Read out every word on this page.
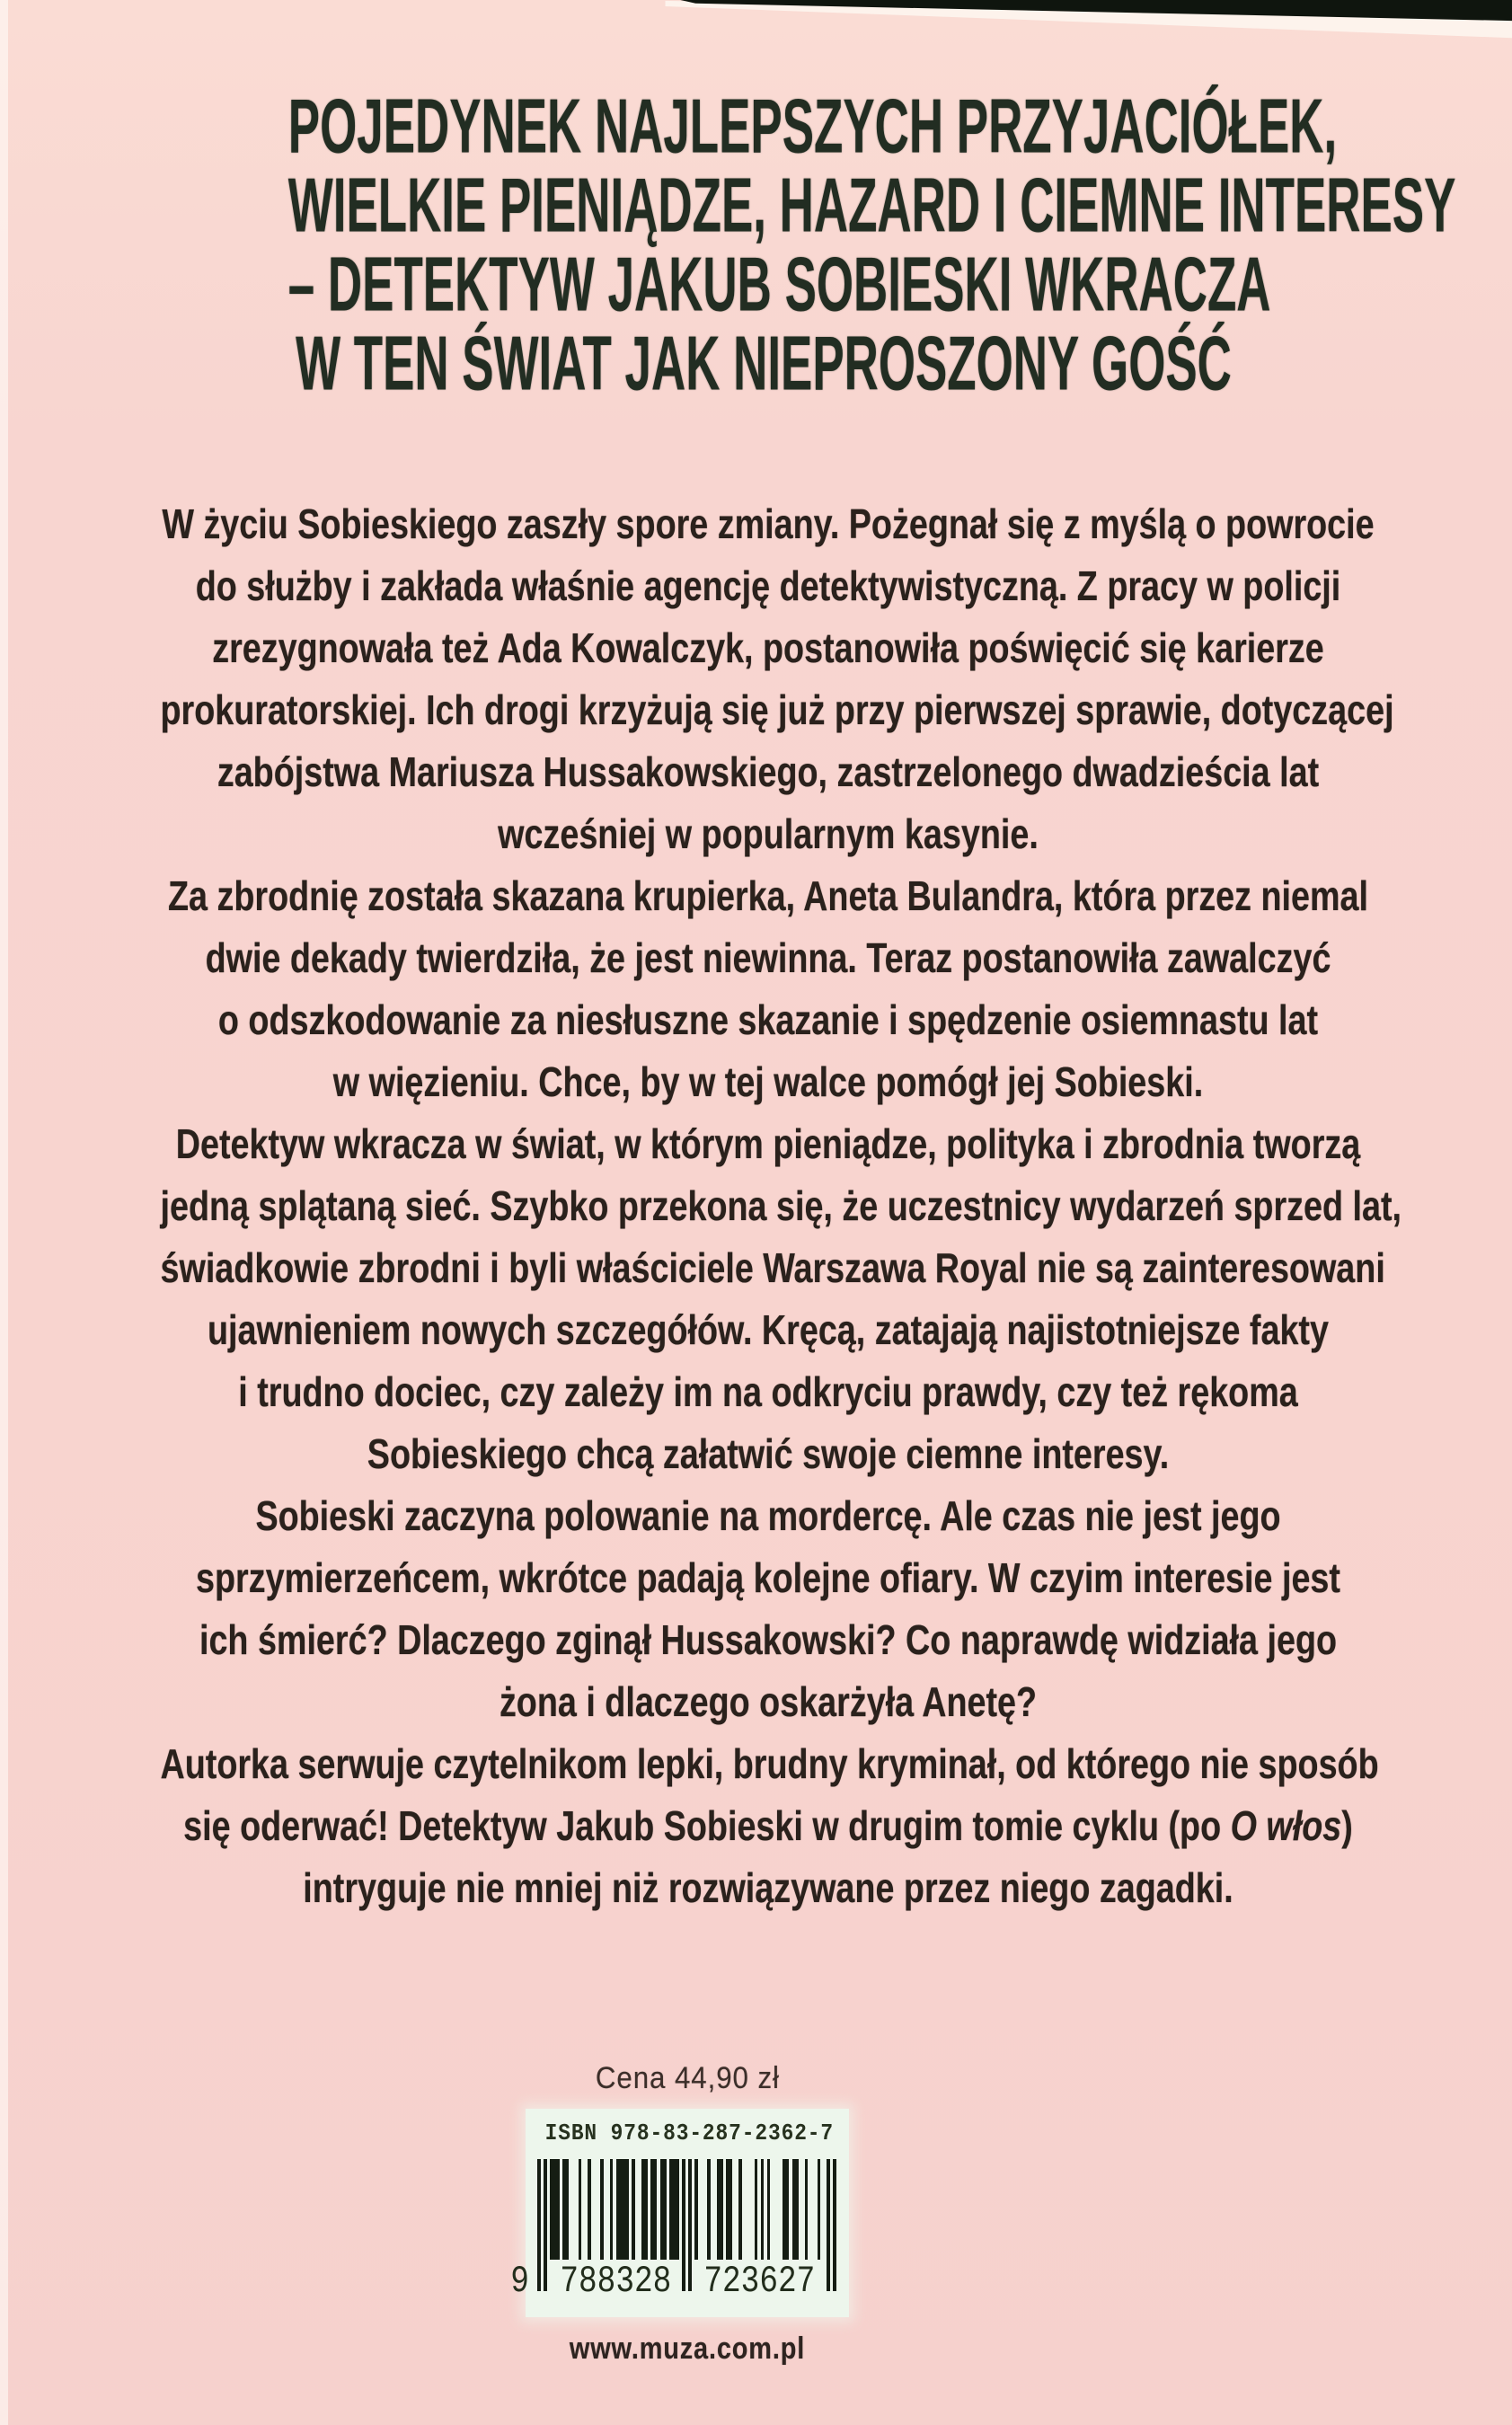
POJEDYNEK NAJLEPSZYCH PRZYJACIÓŁEK,
WIELKIE PIENIĄDZE, HAZARD I CIEMNE INTERESY
– DETEKTYW JAKUB SOBIESKI WKRACZA
W TEN ŚWIAT JAK NIEPROSZONY GOŚĆ
W życiu Sobieskiego zaszły spore zmiany. Pożegnał się z myślą o powrocie
do służby i zakłada właśnie agencję detektywistyczną. Z pracy w policji
zrezygnowała też Ada Kowalczyk, postanowiła poświęcić się karierze
prokuratorskiej. Ich drogi krzyżują się już przy pierwszej sprawie, dotyczącej
zabójstwa Mariusza Hussakowskiego, zastrzelonego dwadzieścia lat
wcześniej w popularnym kasynie.
Za zbrodnię została skazana krupierka, Aneta Bulandra, która przez niemal
dwie dekady twierdziła, że jest niewinna. Teraz postanowiła zawalczyć
o odszkodowanie za niesłuszne skazanie i spędzenie osiemnastu lat
w więzieniu. Chce, by w tej walce pomógł jej Sobieski.
Detektyw wkracza w świat, w którym pieniądze, polityka i zbrodnia tworzą
jedną splątaną sieć. Szybko przekona się, że uczestnicy wydarzeń sprzed lat,
świadkowie zbrodni i byli właściciele Warszawa Royal nie są zainteresowani
ujawnieniem nowych szczegółów. Kręcą, zatajają najistotniejsze fakty
i trudno dociec, czy zależy im na odkryciu prawdy, czy też rękoma
Sobieskiego chcą załatwić swoje ciemne interesy.
Sobieski zaczyna polowanie na mordercę. Ale czas nie jest jego
sprzymierzeńcem, wkrótce padają kolejne ofiary. W czyim interesie jest
ich śmierć? Dlaczego zginął Hussakowski? Co naprawdę widziała jego
żona i dlaczego oskarżyła Anetę?
Autorka serwuje czytelnikom lepki, brudny kryminał, od którego nie sposób
się oderwać! Detektyw Jakub Sobieski w drugim tomie cyklu (po O włos)
intryguje nie mniej niż rozwiązywane przez niego zagadki.
Cena 44,90 zł
ISBN 978-83-287-2362-7
9 788328 723627
www.muza.com.pl
